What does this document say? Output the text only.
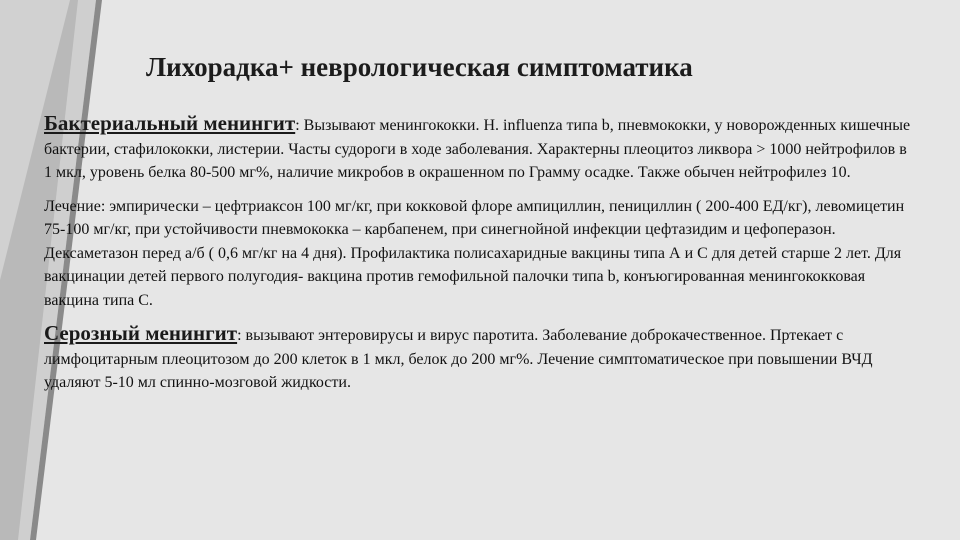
Лихорадка+ неврологическая симптоматика

Бактериальный менингит: Вызывают менингококки. H. influenza типа b, пневмококки, у новорожденных кишечные бактерии, стафилококки, листерии. Часты судороги в ходе заболевания. Характерны плеоцитоз ликвора > 1000 нейтрофилов в 1 мкл, уровень белка 80-500 мг%, наличие микробов в окрашенном по Грамму осадке. Также обычен нейтрофилез 10.

Лечение: эмпирически – цефтриаксон 100 мг/кг, при кокковой флоре ампициллин, пенициллин ( 200-400 ЕД/кг), левомицетин 75-100 мг/кг, при устойчивости пневмококка – карбапенем, при синегнойной инфекции цефтазидим и цефоперазон. Дексаметазон перед а/б ( 0,6 мг/кг на 4 дня). Профилактика полисахаридные вакцины типа А и С для детей старше 2 лет. Для вакцинации детей первого полугодия- вакцина против гемофильной палочки типа b, конъюгированная менингококковая вакцина типа С.

Серозный менингит: вызывают энтеровирусы и вирус паротита. Заболевание доброкачественное. Пртекает с лимфоцитарным плеоцитозом до 200 клеток в 1 мкл, белок до 200 мг%. Лечение симптоматическое при повышении ВЧД удаляют 5-10 мл спинно-мозговой жидкости.
